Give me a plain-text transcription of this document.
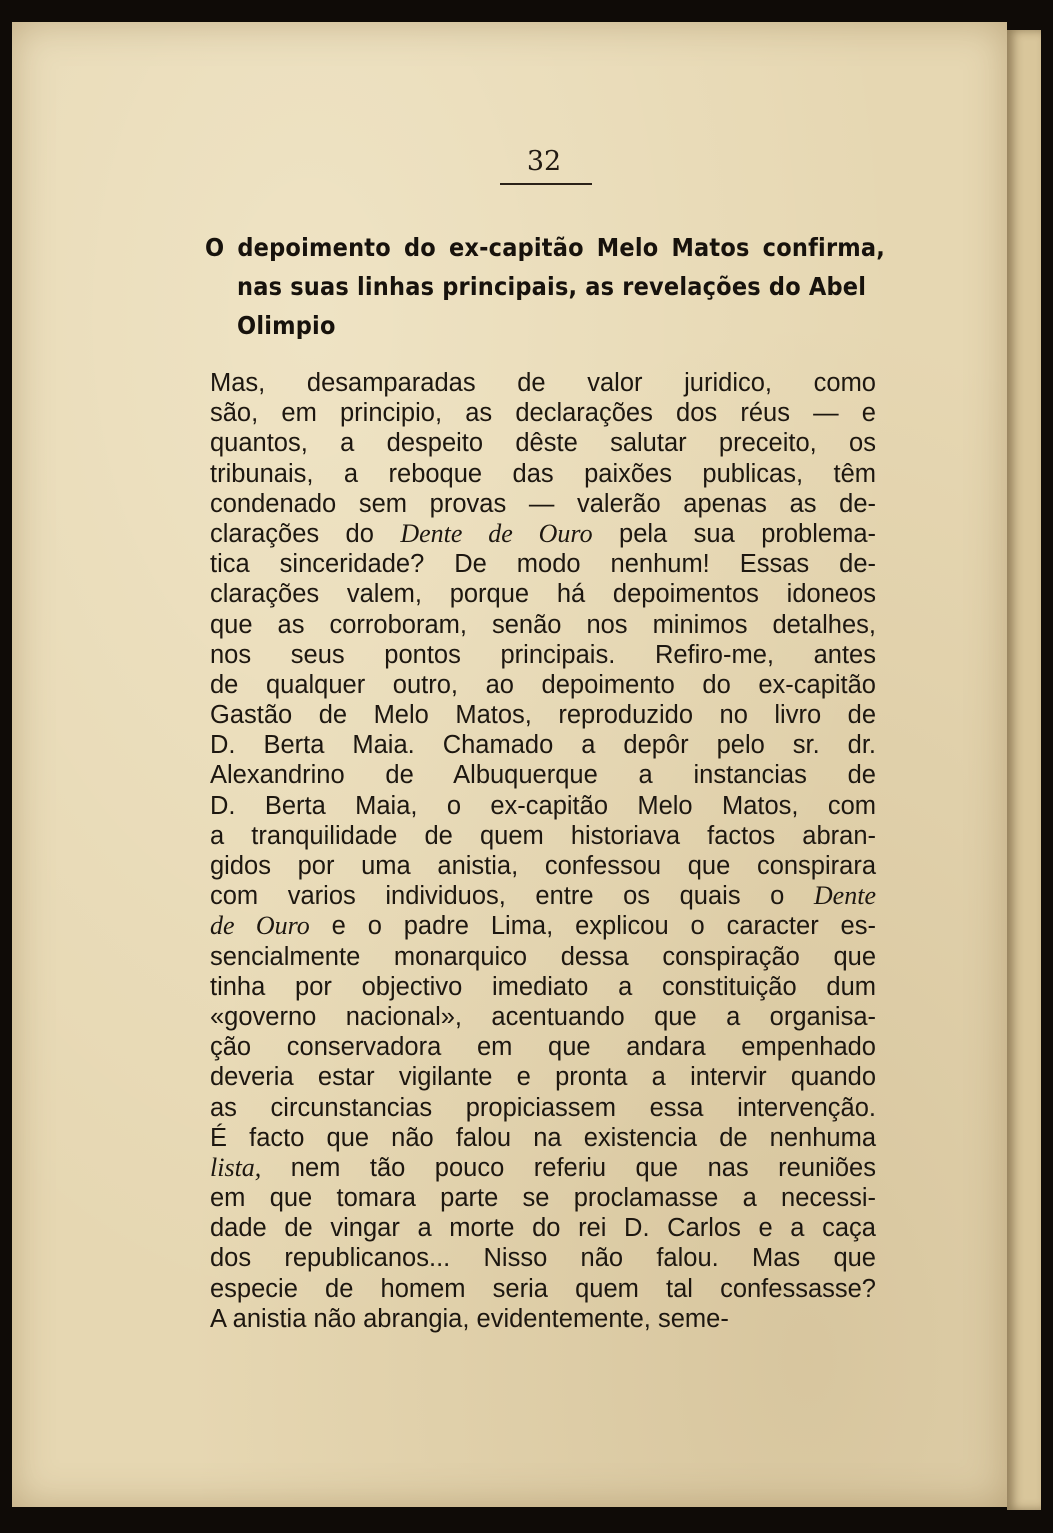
32
O depoimento do ex-capitão Melo Matos confirma,
nas suas linhas principais, as revelações do Abel
Olimpio
Mas, desamparadas de valor juridico, como
são, em principio, as declarações dos réus — e
quantos, a despeito dêste salutar preceito, os
tribunais, a reboque das paixões publicas, têm
condenado sem provas — valerão apenas as de-
clarações do Dente de Ouro pela sua problema-
tica sinceridade? De modo nenhum! Essas de-
clarações valem, porque há depoimentos idoneos
que as corroboram, senão nos minimos detalhes,
nos seus pontos principais. Refiro-me, antes
de qualquer outro, ao depoimento do ex-capitão
Gastão de Melo Matos, reproduzido no livro de
D. Berta Maia. Chamado a depôr pelo sr. dr.
Alexandrino de Albuquerque a instancias de
D. Berta Maia, o ex-capitão Melo Matos, com
a tranquilidade de quem historiava factos abran-
gidos por uma anistia, confessou que conspirara
com varios individuos, entre os quais o Dente
de Ouro e o padre Lima, explicou o caracter es-
sencialmente monarquico dessa conspiração que
tinha por objectivo imediato a constituição dum
«governo nacional», acentuando que a organisa-
ção conservadora em que andara empenhado
deveria estar vigilante e pronta a intervir quando
as circunstancias propiciassem essa intervenção.
É facto que não falou na existencia de nenhuma
lista, nem tão pouco referiu que nas reuniões
em que tomara parte se proclamasse a necessi-
dade de vingar a morte do rei D. Carlos e a caça
dos republicanos... Nisso não falou. Mas que
especie de homem seria quem tal confessasse?
A anistia não abrangia, evidentemente, seme-
